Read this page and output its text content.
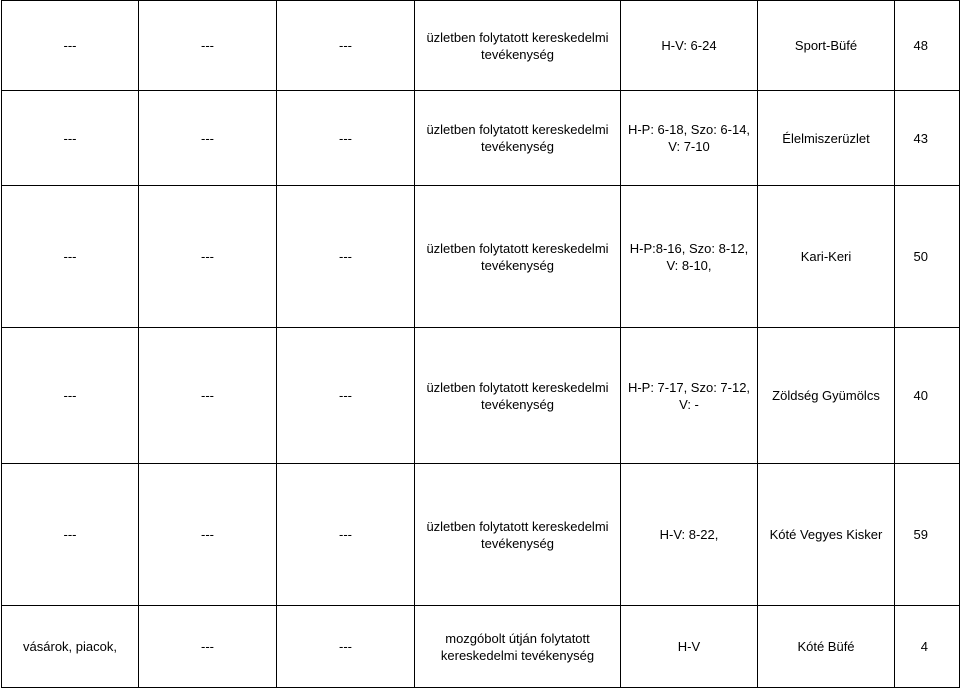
---	---	---	üzletben folytatott kereskedelmi tevékenység	H-V: 6-24	Sport-Büfé	48
---	---	---	üzletben folytatott kereskedelmi tevékenység	H-P: 6-18, Szo: 6-14, V: 7-10	Élelmiszerüzlet	43
---	---	---	üzletben folytatott kereskedelmi tevékenység	H-P:8-16, Szo: 8-12, V: 8-10,	Kari-Keri	50
---	---	---	üzletben folytatott kereskedelmi tevékenység	H-P: 7-17, Szo: 7-12, V: -	Zöldség Gyümölcs	40
---	---	---	üzletben folytatott kereskedelmi tevékenység	H-V: 8-22,	Kóté Vegyes Kisker	59
vásárok, piacok,	---	---	mozgóbolt útján folytatott kereskedelmi tevékenység	H-V	Kóté Büfé	4
